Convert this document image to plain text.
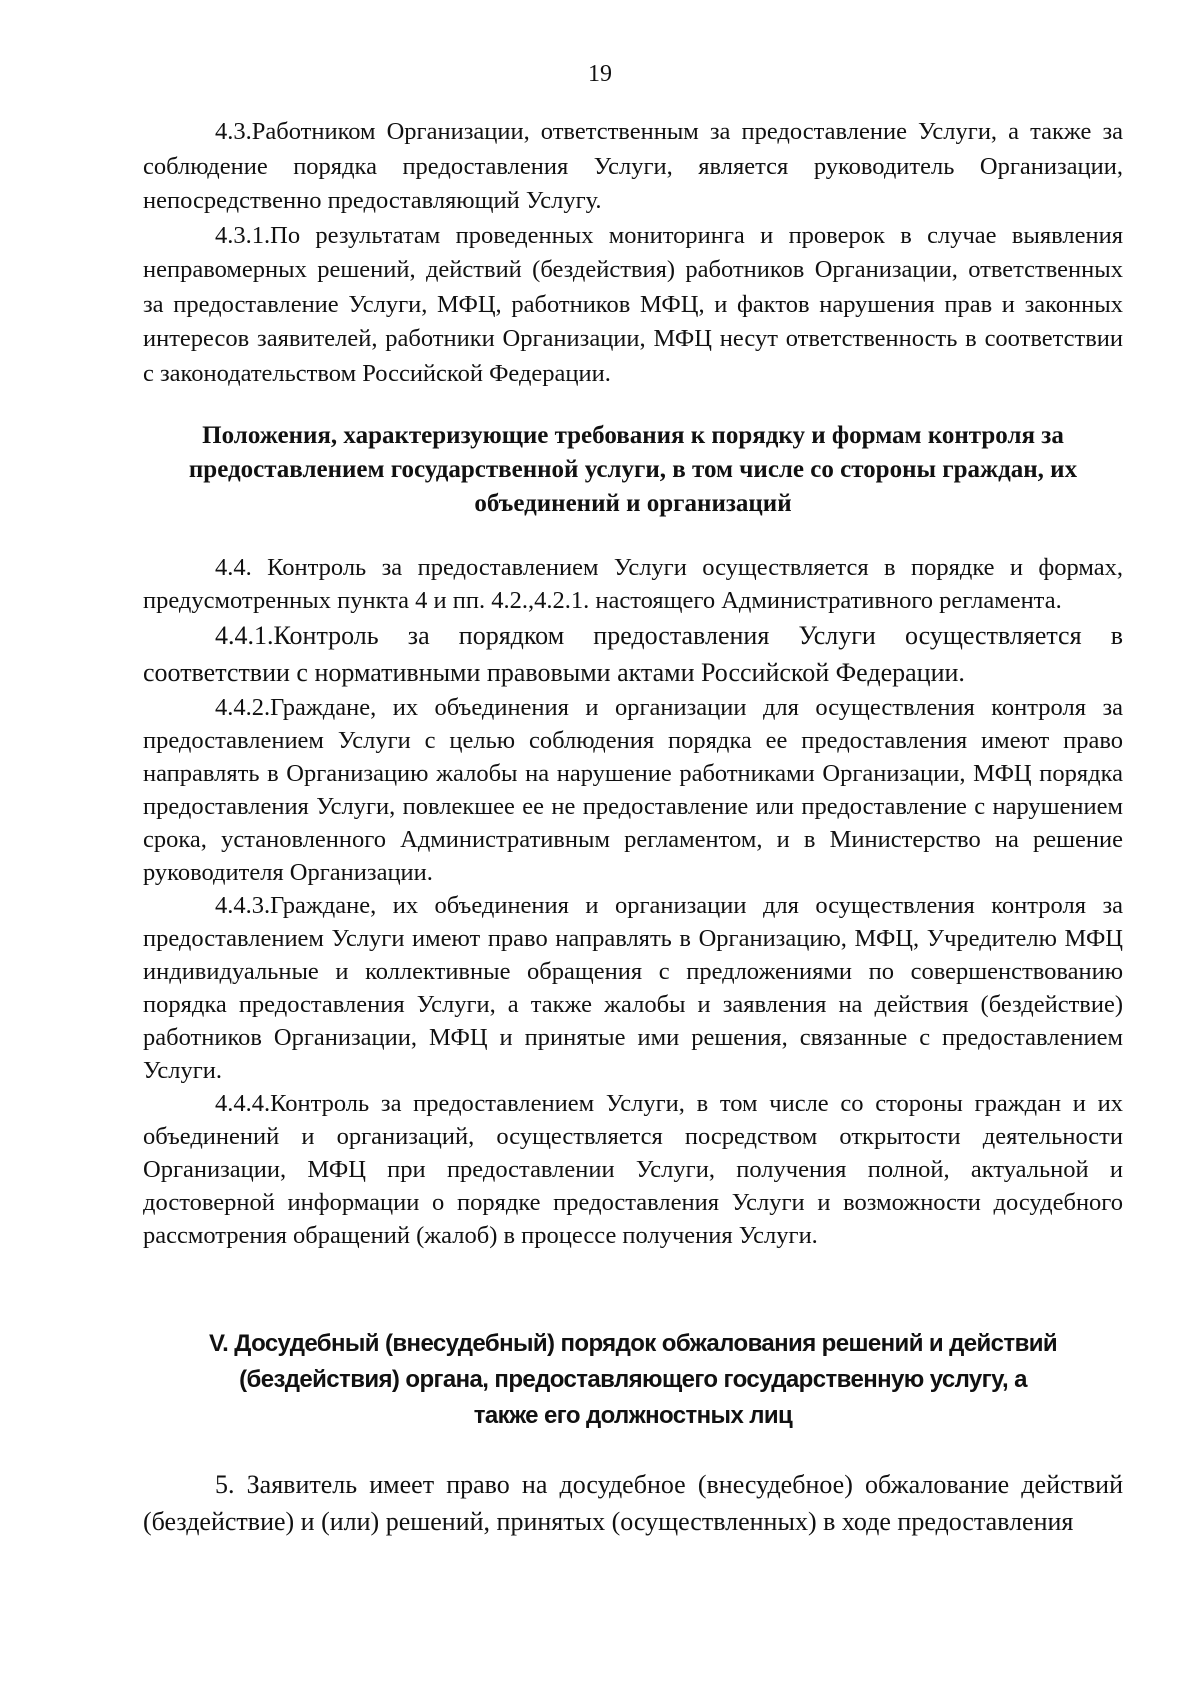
19

4.3.Работником Организации, ответственным за предоставление Услуги, а также за соблюдение порядка предоставления Услуги, является руководитель Организации, непосредственно предоставляющий Услугу.

4.3.1.По результатам проведенных мониторинга и проверок в случае выявления неправомерных решений, действий (бездействия) работников Организации, ответственных за предоставление Услуги, МФЦ, работников МФЦ, и фактов нарушения прав и законных интересов заявителей, работники Организации, МФЦ несут ответственность в соответствии с законодательством Российской Федерации.

Положения, характеризующие требования к порядку и формам контроля за предоставлением государственной услуги, в том числе со стороны граждан, их объединений и организаций

4.4. Контроль за предоставлением Услуги осуществляется в порядке и формах, предусмотренных пункта 4 и пп. 4.2.,4.2.1. настоящего Административного регламента.

4.4.1.Контроль за порядком предоставления Услуги осуществляется в соответствии с нормативными правовыми актами Российской Федерации.

4.4.2.Граждане, их объединения и организации для осуществления контроля за предоставлением Услуги с целью соблюдения порядка ее предоставления имеют право направлять в Организацию жалобы на нарушение работниками Организации, МФЦ порядка предоставления Услуги, повлекшее ее не предоставление или предоставление с нарушением срока, установленного Административным регламентом, и в Министерство на решение руководителя Организации.

4.4.3.Граждане, их объединения и организации для осуществления контроля за предоставлением Услуги имеют право направлять в Организацию, МФЦ, Учредителю МФЦ индивидуальные и коллективные обращения с предложениями по совершенствованию порядка предоставления Услуги, а также жалобы и заявления на действия (бездействие) работников Организации, МФЦ и принятые ими решения, связанные с предоставлением Услуги.

4.4.4.Контроль за предоставлением Услуги, в том числе со стороны граждан и их объединений и организаций, осуществляется посредством открытости деятельности Организации, МФЦ при предоставлении Услуги, получения полной, актуальной и достоверной информации о порядке предоставления Услуги и возможности досудебного рассмотрения обращений (жалоб) в процессе получения Услуги.

V. Досудебный (внесудебный) порядок обжалования решений и действий
(бездействия) органа, предоставляющего государственную услугу, а
также его должностных лиц

5. Заявитель имеет право на досудебное (внесудебное) обжалование действий (бездействие) и (или) решений, принятых (осуществленных) в ходе предоставления
